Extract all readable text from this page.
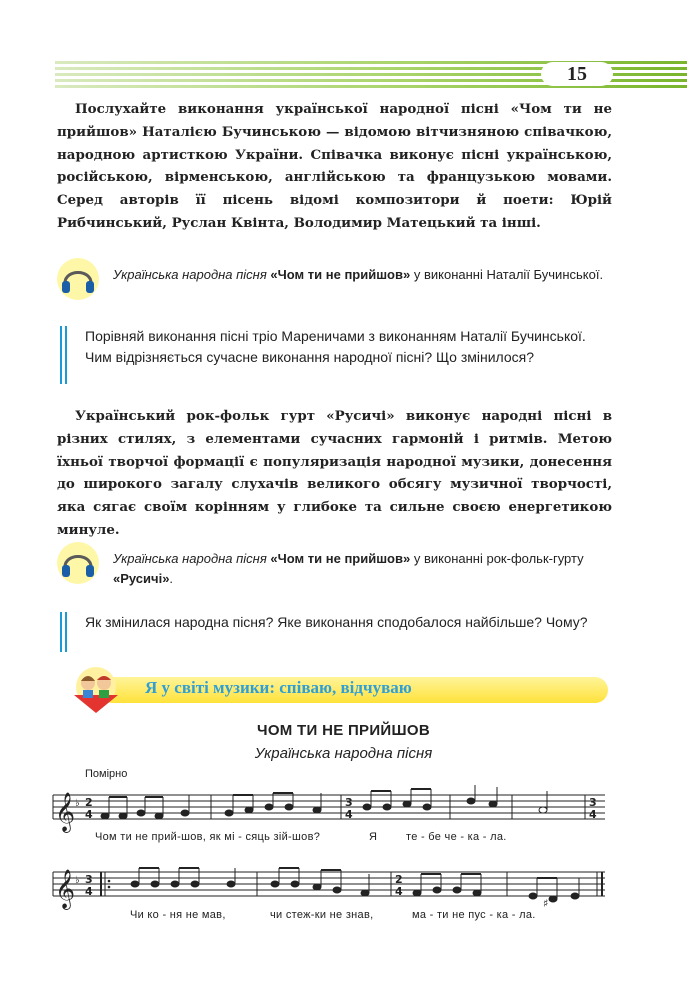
15

Послухайте виконання української народної пісні «Чом ти не прийшов» Наталією Бучинською — відомою вітчизняною співачкою, народною артисткою України. Співачка виконує пісні українською, російською, вірменською, англійською та французькою мовами. Серед авторів її пісень відомі композитори й поети: Юрій Рибчинський, Руслан Квінта, Володимир Матецький та інші.

Українська народна пісня «Чом ти не прийшов» у виконанні Наталії Бучинської.
Порівняй виконання пісні тріо Мареничами з виконанням Наталії Бучинської. Чим відрізняється сучасне виконання народної пісні? Що змінилося?

Український рок-фольк гурт «Русичі» виконує народні пісні в різних стилях, з елементами сучасних гармоній і ритмів. Метою їхньої творчої формації є популяризація народної музики, донесення до широкого загалу слухачів великого обсягу музичної творчості, яка сягає своїм корінням у глибоке та сильне своєю енергетикою минуле.

Українська народна пісня «Чом ти не прийшов» у виконанні рок-фольк-гурту «Русичі».
Як змінилася народна пісня? Яке виконання сподобалося найбільше? Чому?
Я у світі музики: співаю, відчуваю
ЧОМ ТИ НЕ ПРИЙШОВ
Українська народна пісня
Помірно
𝄞 ♭ 2
4
3
4
3
4
Чом ти не прий-шов, як мі - сяць зій-шов?	Я	те - бе че - ка - ла.
𝄞 ♭ 3
4
2
4
♯
Чи ко - ня не мав,	чи стеж-ки не знав,	ма - ти не пус - ка - ла.
